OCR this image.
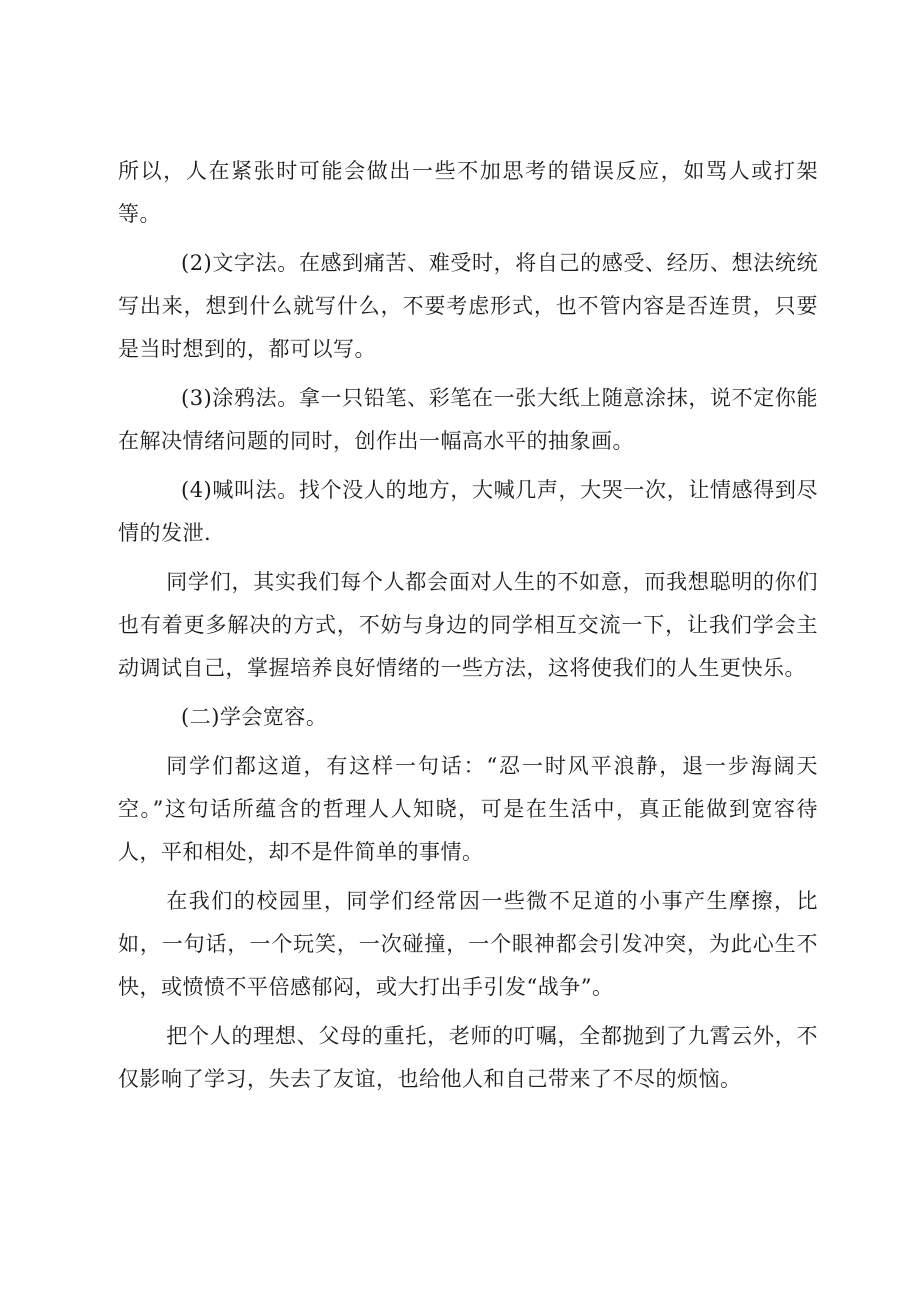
所以，人在紧张时可能会做出一些不加思考的错误反应，如骂人或打架等。

(2)文字法。在感到痛苦、难受时，将自己的感受、经历、想法统统写出来，想到什么就写什么，不要考虑形式，也不管内容是否连贯，只要是当时想到的，都可以写。

(3)涂鸦法。拿一只铅笔、彩笔在一张大纸上随意涂抹，说不定你能在解决情绪问题的同时，创作出一幅高水平的抽象画。

(4)喊叫法。找个没人的地方，大喊几声，大哭一次，让情感得到尽情的发泄.

同学们，其实我们每个人都会面对人生的不如意，而我想聪明的你们也有着更多解决的方式，不妨与身边的同学相互交流一下，让我们学会主动调试自己，掌握培养良好情绪的一些方法，这将使我们的人生更快乐。

(二)学会宽容。

同学们都这道，有这样一句话：“忍一时风平浪静，退一步海阔天空。”这句话所蕴含的哲理人人知晓，可是在生活中，真正能做到宽容待人，平和相处，却不是件简单的事情。

在我们的校园里，同学们经常因一些微不足道的小事产生摩擦，比如，一句话，一个玩笑，一次碰撞，一个眼神都会引发冲突，为此心生不快，或愤愤不平倍感郁闷，或大打出手引发“战争”。

把个人的理想、父母的重托，老师的叮嘱，全都抛到了九霄云外，不仅影响了学习，失去了友谊，也给他人和自己带来了不尽的烦恼。
